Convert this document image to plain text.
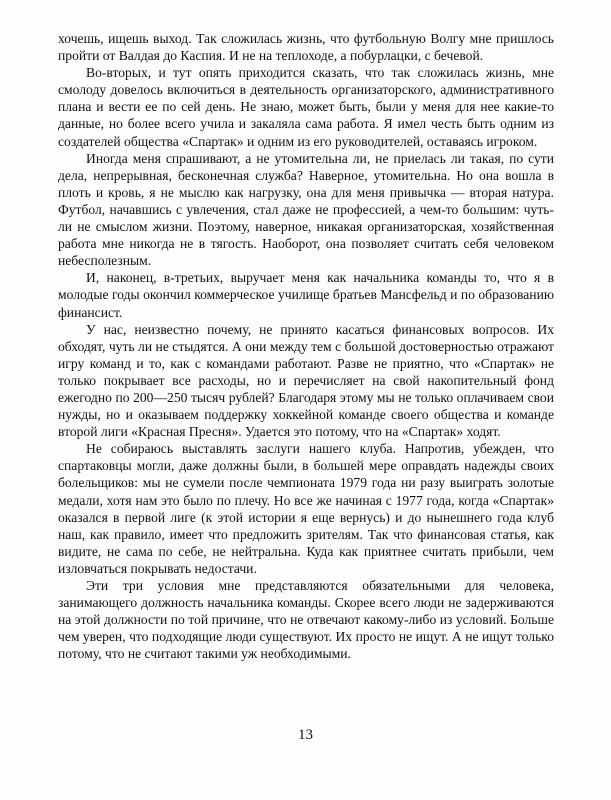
хочешь, ищешь выход. Так сложилась жизнь, что футбольную Волгу мне пришлось пройти от Валдая до Каспия. И не на теплоходе, а побурлацки, с бечевой.

Во-вторых, и тут опять приходится сказать, что так сложилась жизнь, мне смолоду довелось включиться в деятельность организаторского, административного плана и вести ее по сей день. Не знаю, может быть, были у меня для нее какие-то данные, но более всего учила и закаляла сама работа. Я имел честь быть одним из создателей общества «Спартак» и одним из его руководителей, оставаясь игроком.

Иногда меня спрашивают, а не утомительна ли, не приелась ли такая, по сути дела, непрерывная, бесконечная служба? Наверное, утомительна. Но она вошла в плоть и кровь, я не мыслю как нагрузку, она для меня привычка — вторая натура. Футбол, начавшись с увлечения, стал даже не профессией, а чем-то большим: чуть-ли не смыслом жизни. Поэтому, наверное, никакая организаторская, хозяйственная работа мне никогда не в тягость. Наоборот, она позволяет считать себя человеком небесполезным.

И, наконец, в-третьих, выручает меня как начальника команды то, что я в молодые годы окончил коммерческое училище братьев Мансфельд и по образованию финансист.

У нас, неизвестно почему, не принято касаться финансовых вопросов. Их обходят, чуть ли не стыдятся. А они между тем с большой достоверностью отражают игру команд и то, как с командами работают. Разве не приятно, что «Спартак» не только покрывает все расходы, но и перечисляет на свой накопительный фонд ежегодно по 200—250 тысяч рублей? Благодаря этому мы не только оплачиваем свои нужды, но и оказываем поддержку хоккейной команде своего общества и команде второй лиги «Красная Пресня». Удается это потому, что на «Спартак» ходят.

Не собираюсь выставлять заслуги нашего клуба. Напротив, убежден, что спартаковцы могли, даже должны были, в большей мере оправдать надежды своих болельщиков: мы не сумели после чемпионата 1979 года ни разу выиграть золотые медали, хотя нам это было по плечу. Но все же начиная с 1977 года, когда «Спартак» оказался в первой лиге (к этой истории я еще вернусь) и до нынешнего года клуб наш, как правило, имеет что предложить зрителям. Так что финансовая статья, как видите, не сама по себе, не нейтральна. Куда как приятнее считать прибыли, чем изловчаться покрывать недостачи.

Эти три условия мне представляются обязательными для человека, занимающего должность начальника команды. Скорее всего люди не задерживаются на этой должности по той причине, что не отвечают какому-либо из условий. Больше чем уверен, что подходящие люди существуют. Их просто не ищут. А не ищут только потому, что не считают такими уж необходимыми.

13
